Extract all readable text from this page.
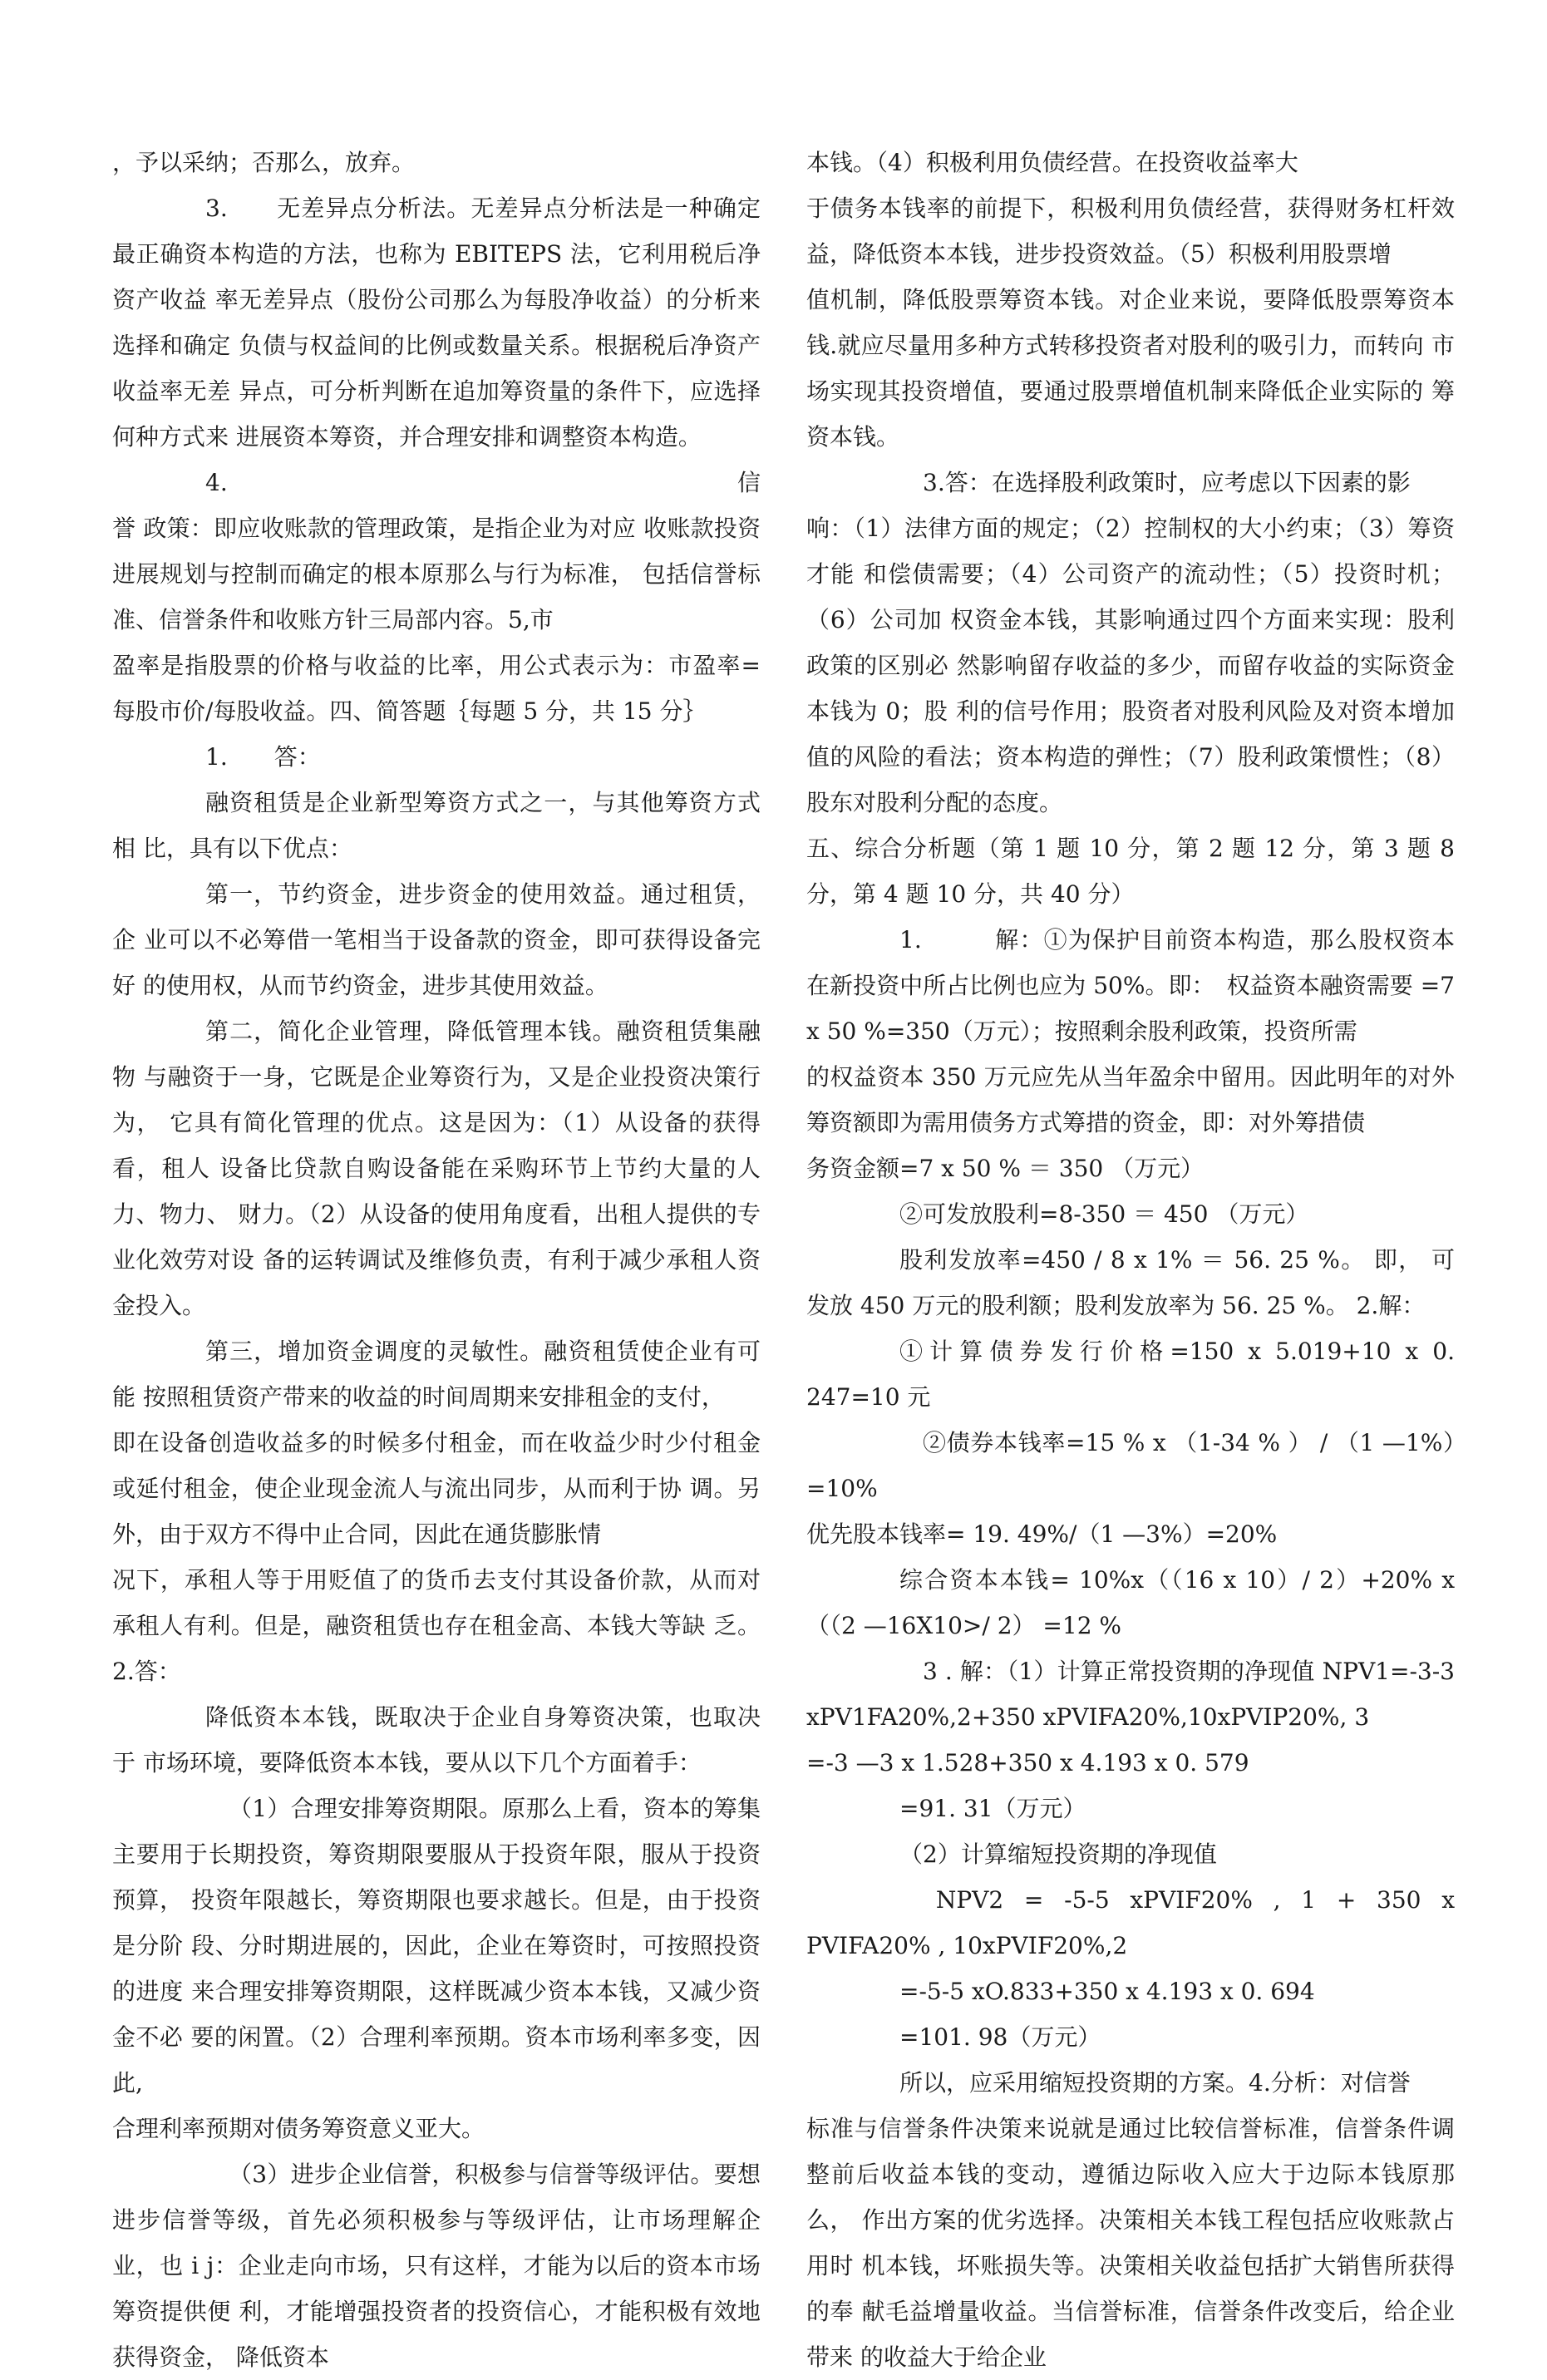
，予以采纳；否那么，放弃。

3.　　无差异点分析法。无差异点分析法是一种确定最正确资本构造的方法，也称为 EBITEPS 法，它利用税后净资产收益 率无差异点（股份公司那么为每股净收益）的分析来选择和确定 负债与权益间的比例或数量关系。根据税后净资产收益率无差 异点，可分析判断在追加筹资量的条件下，应选择何种方式来 进展资本筹资，并合理安排和调整资本构造。

4.　　　　　　　　　　　　　　　　　　　　　信 誉 政策：即应收账款的管理政策，是指企业为对应 收账款投资进展规划与控制而确定的根本原那么与行为标准， 包括信誉标准、信誉条件和收账方针三局部内容。5,市

盈率是指股票的价格与收益的比率，用公式表示为：市盈率= 每股市价/每股收益。四、简答题｛每题 5 分，共 15 分｝

1.　　答：

融资租赁是企业新型筹资方式之一，与其他筹资方式相 比，具有以下优点：

第一，节约资金，进步资金的使用效益。通过租赁，企 业可以不必筹借一笔相当于设备款的资金，即可获得设备完好 的使用权，从而节约资金，进步其使用效益。

第二，简化企业管理，降低管理本钱。融资租赁集融物 与融资于一身，它既是企业筹资行为，又是企业投资决策行为， 它具有简化管理的优点。这是因为：（1）从设备的获得看，租人 设备比贷款自购设备能在采购环节上节约大量的人力、物力、 财力。（2）从设备的使用角度看，出租人提供的专业化效劳对设 备的运转调试及维修负责，有利于减少承租人资金投入。

第三，增加资金调度的灵敏性。融资租赁使企业有可能 按照租赁资产带来的收益的时间周期来安排租金的支付，

即在设备创造收益多的时候多付租金，而在收益少时少付租金 或延付租金，使企业现金流人与流出同步，从而利于协 调。另外，由于双方不得中止合同，因此在通货膨胀情

况下，承租人等于用贬值了的货币去支付其设备价款，从而对 承租人有利。但是，融资租赁也存在租金高、本钱大等缺 乏。2.答：

降低资本本钱，既取决于企业自身筹资决策，也取决于 市场环境，要降低资本本钱，要从以下几个方面着手：

（1）合理安排筹资期限。原那么上看，资本的筹集主要用于长期投资，筹资期限要服从于投资年限，服从于投资预算， 投资年限越长，筹资期限也要求越长。但是，由于投资是分阶 段、分时期进展的，因此，企业在筹资时，可按照投资的进度 来合理安排筹资期限，这样既减少资本本钱，又减少资金不必 要的闲置。（2）合理利率预期。资本市场利率多变，因此,

合理利率预期对债务筹资意义亚大。

（3）进步企业信誉，积极参与信誉等级评估。要想进步信誉等级，首先必须积极参与等级评估，让市场理解企业，也 i j：企业走向市场，只有这样，才能为以后的资本市场筹资提供便 利，才能增强投资者的投资信心，才能积极有效地获得资金， 降低资本

本钱。（4）积极利用负债经营。在投资收益率大

于债务本钱率的前提下，积极利用负债经营，获得财务杠杆效 益，降低资本本钱，进步投资效益。（5）积极利用股票增

值机制，降低股票筹资本钱。对企业来说，要降低股票筹资本 钱.就应尽量用多种方式转移投资者对股利的吸引力，而转向 市场实现其投资增值，要通过股票增值机制来降低企业实际的 筹资本钱。

3.答：在选择股利政策时，应考虑以下因素的影

响：（1）法律方面的规定；（2）控制权的大小约束；（3）筹资才能 和偿债需要；（4）公司资产的流动性；（5）投资时机；（6）公司加 权资金本钱，其影响通过四个方面来实现：股利政策的区别必 然影响留存收益的多少，而留存收益的实际资金本钱为 0；股 利的信号作用；股资者对股利风险及对资本增加值的风险的看法；资本构造的弹性；（7）股利政策惯性；（8）股东对股利分配的态度。

五、综合分析题（第 1 题 10 分，第 2 题 12 分，第 3 题 8 分，第 4 题 10 分，共 40 分）

1.　　　解：①为保护目前资本构造，那么股权资本在新投资中所占比例也应为 50%。即：　权益资本融资需要 =7 x 50 %=350（万元）；按照剩余股利政策，投资所需

的权益资本 350 万元应先从当年盈余中留用。因此明年的对外 筹资额即为需用债务方式筹措的资金，即：对外筹措债

务资金额=7 x 50 % ＝ 350 （万元）

②可发放股利=8-350 ＝ 450 （万元）

股利发放率=450 / 8 x 1% ＝ 56. 25 %。 即， 可发放 450 万元的股利额；股利发放率为 56. 25 %。 2.解：

①计算债券发行价格=150 x 5.019+10 x 0. 247=10 元

②债券本钱率=15 % x （1-34 % ） / （1 —1%）=10%

优先股本钱率= 19. 49%/（1 —3%）=20%

综合资本本钱= 10%x（（16 x 10）/ 2）+20% x （（2 —16X10>/ 2） =12 %

3 . 解：（1）计算正常投资期的净现值 NPV1=-3-3 xPV1FA20%,2+350 xPVIFA20%,10xPVIP20%, 3

=-3 —3 x 1.528+350 x 4.193 x 0. 579

=91. 31（万元）

（2）计算缩短投资期的净现值

　NPV2 = -5-5 xPVIF20% , 1 + 350 x PVIFA20% , 10xPVIF20%,2

=-5-5 xO.833+350 x 4.193 x 0. 694

=101. 98（万元）

所以，应采用缩短投资期的方案。4.分析：对信誉

标准与信誉条件决策来说就是通过比较信誉标准，信誉条件调 整前后收益本钱的变动，遵循边际收入应大于边际本钱原那么， 作出方案的优劣选择。决策相关本钱工程包括应收账款占用时 机本钱，坏账损失等。决策相关收益包括扩大销售所获得的奉 献毛益增量收益。当信誉标准，信誉条件改变后，给企业带来 的收益大于给企业
